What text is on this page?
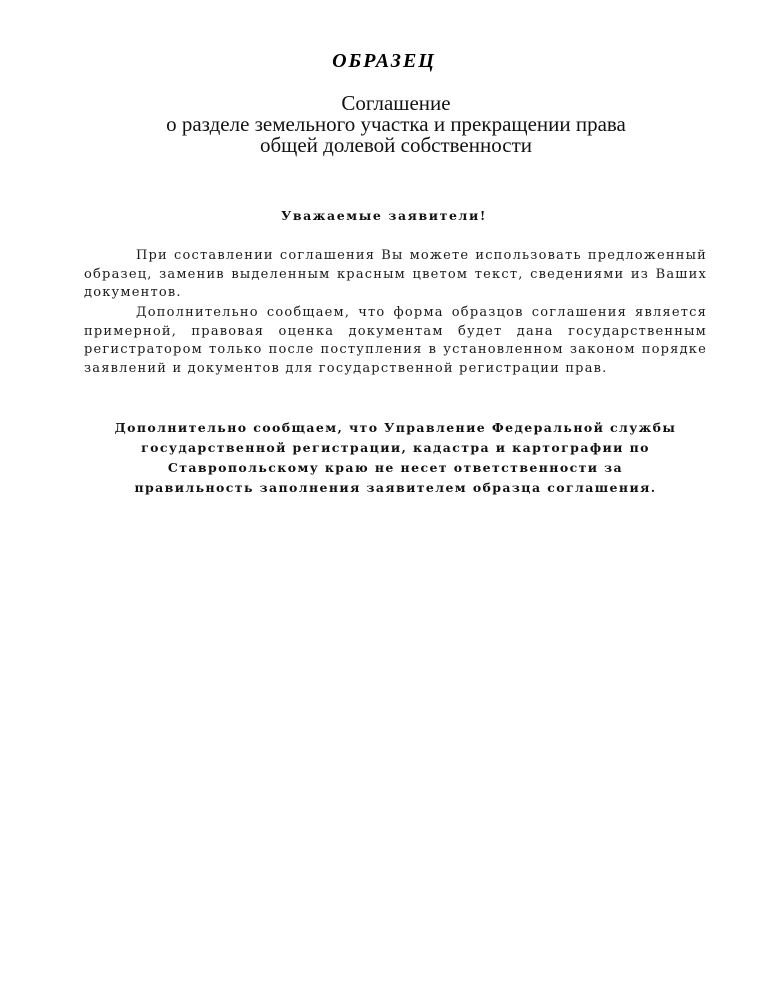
ОБРАЗЕЦ
Соглашение
о разделе земельного участка и прекращении права
общей долевой собственности
Уважаемые заявители!

При составлении соглашения Вы можете использовать предложенный образец, заменив выделенным красным цветом текст, сведениями из Ваших документов.

Дополнительно сообщаем, что форма образцов соглашения является примерной, правовая оценка документам будет дана государственным регистратором только после поступления в установленном законом порядке заявлений и документов для государственной регистрации прав.

Дополнительно сообщаем, что Управление Федеральной службы
государственной регистрации, кадастра и картографии по
Ставропольскому краю не несет ответственности за
правильность заполнения заявителем образца соглашения.
